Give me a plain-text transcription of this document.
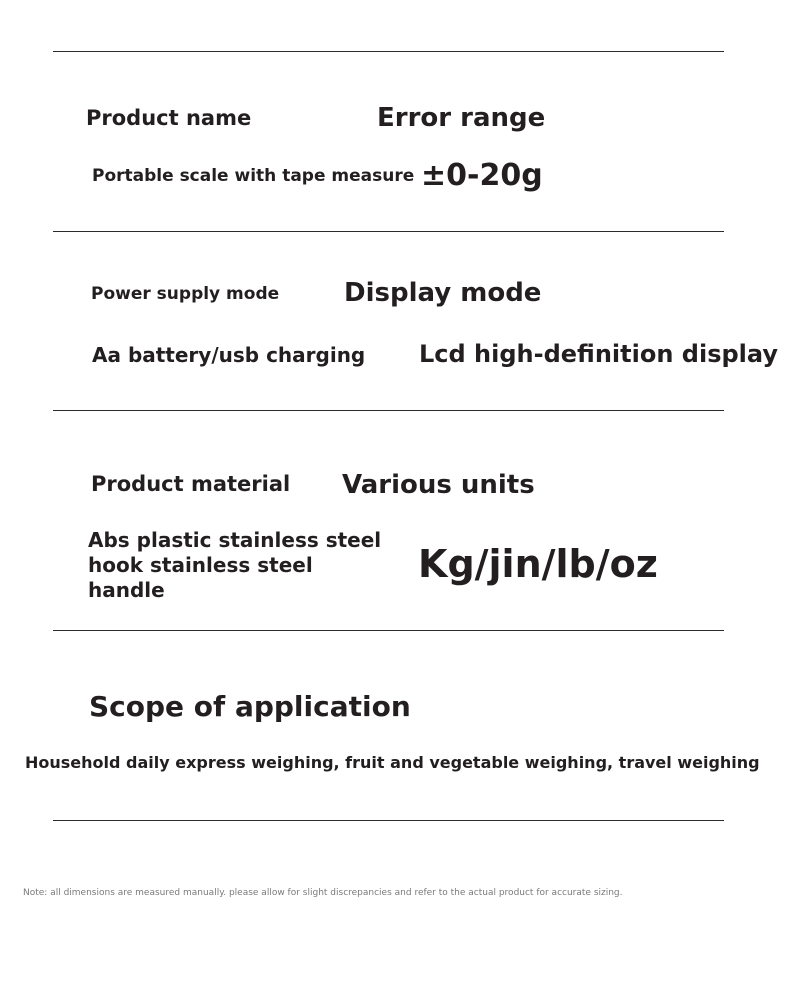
Product name	Error range
Portable scale with tape measure ±0-20g
Power supply mode Display mode
Aa battery/usb charging Lcd high-definition display
Product material Various units
Abs plastic stainless steel hook stainless steel handle
Kg/jin/lb/oz
Scope of application
Household daily express weighing, fruit and vegetable weighing, travel weighing
Note: all dimensions are measured manually. please allow for slight discrepancies and refer to the actual product for accurate sizing.
